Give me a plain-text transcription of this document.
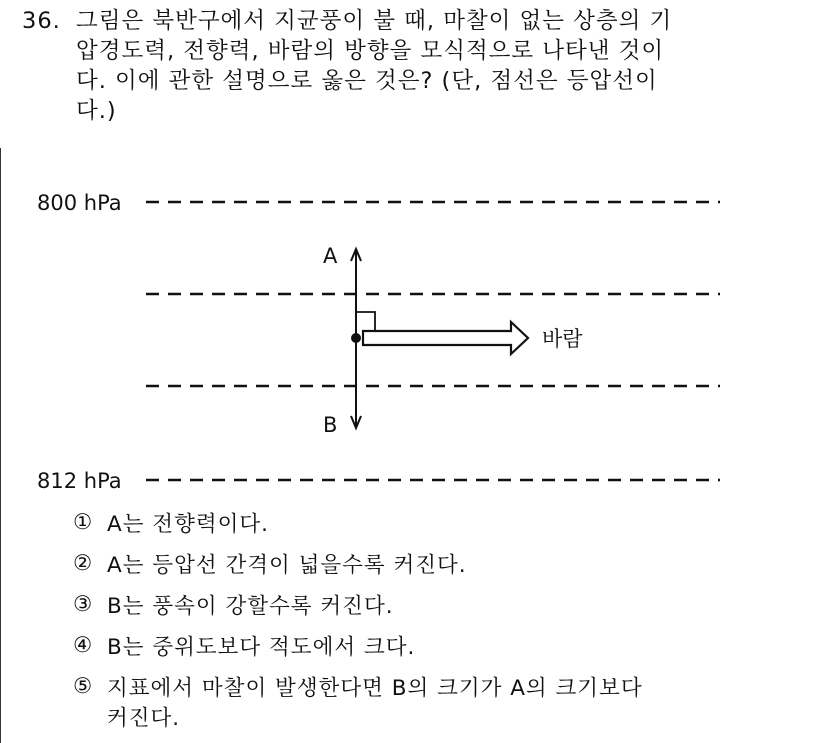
36. 그림은 북반구에서 지균풍이 불 때, 마찰이 없는 상층의 기
압경도력, 전향력, 바람의 방향을 모식적으로 나타낸 것이
다. 이에 관한 설명으로 옳은 것은? (단, 점선은 등압선이
다.)
800 hPa
812 hPa
A
B
바람
① A는 전향력이다.
② A는 등압선 간격이 넓을수록 커진다.
③ B는 풍속이 강할수록 커진다.
④ B는 중위도보다 적도에서 크다.
⑤ 지표에서 마찰이 발생한다면 B의 크기가 A의 크기보다
커진다.
